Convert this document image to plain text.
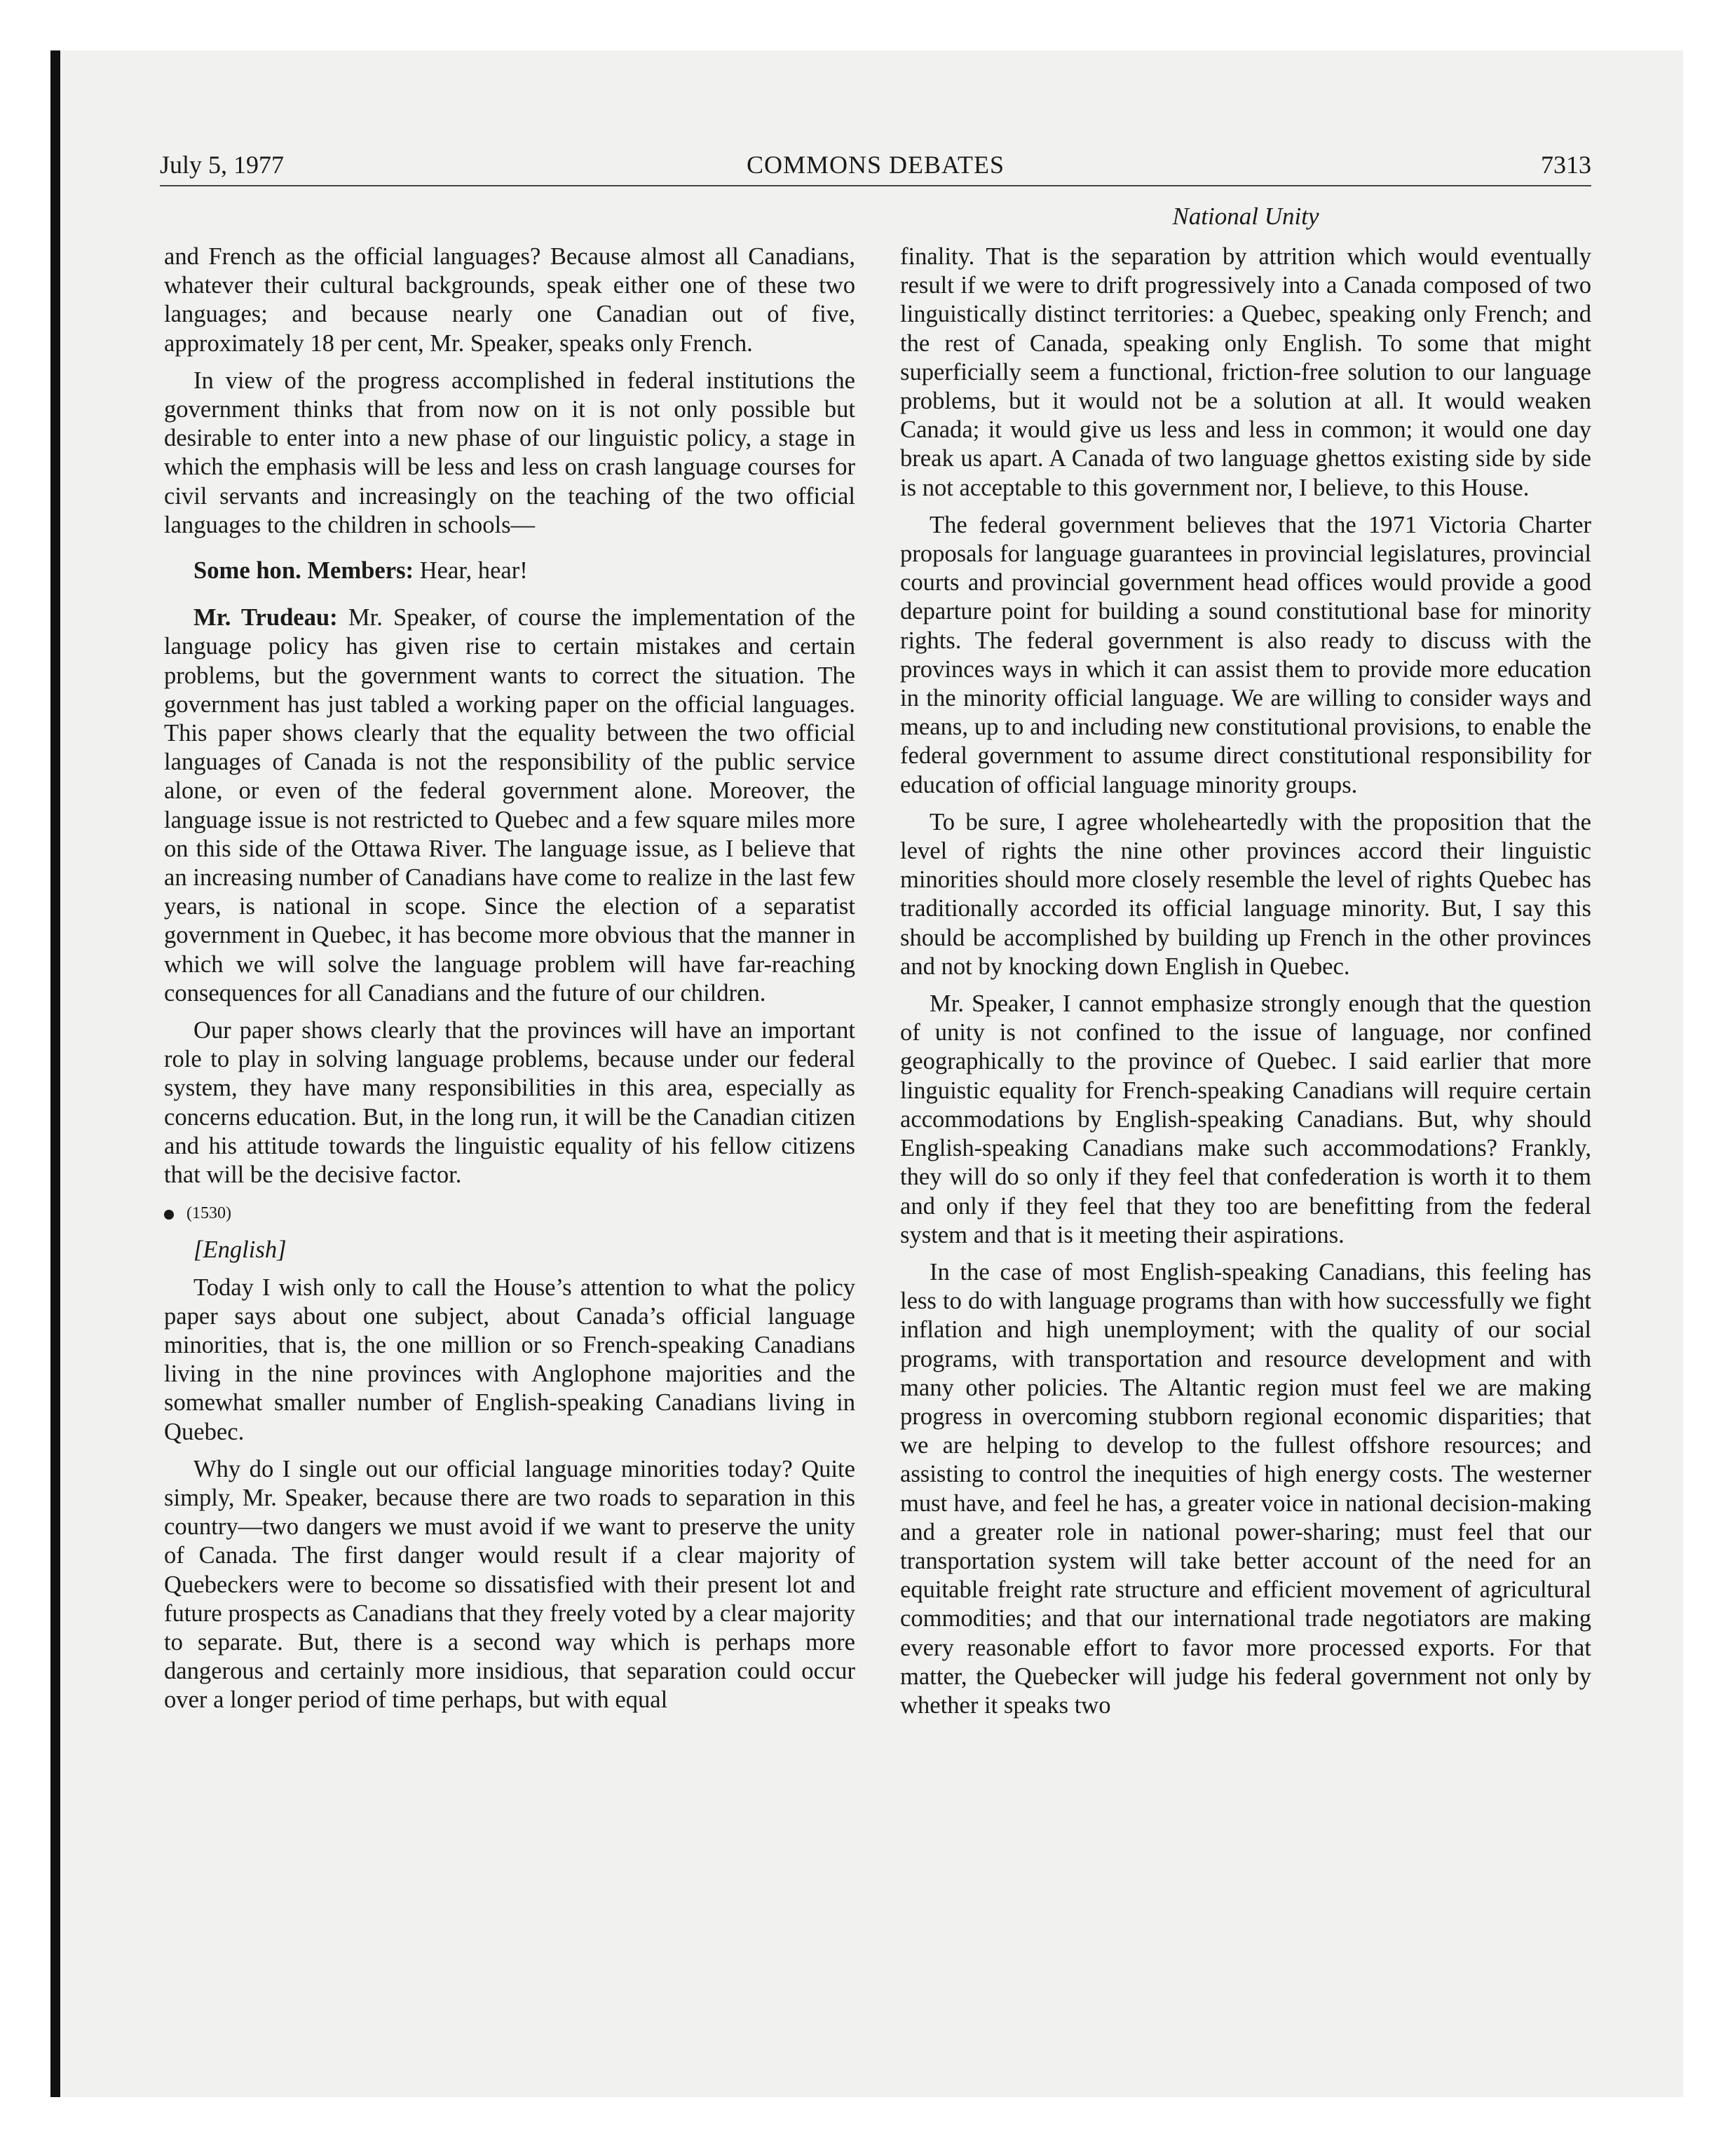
July 5, 1977	COMMONS DEBATES	7313
National Unity

and French as the official languages? Because almost all Canadians, whatever their cultural backgrounds, speak either one of these two languages; and because nearly one Canadian out of five, approximately 18 per cent, Mr. Speaker, speaks only French.

In view of the progress accomplished in federal institutions the government thinks that from now on it is not only possible but desirable to enter into a new phase of our linguistic policy, a stage in which the emphasis will be less and less on crash language courses for civil servants and increasingly on the teaching of the two official languages to the children in schools—

Some hon. Members: Hear, hear!

Mr. Trudeau: Mr. Speaker, of course the implementation of the language policy has given rise to certain mistakes and certain problems, but the government wants to correct the situation. The government has just tabled a working paper on the official languages. This paper shows clearly that the equality between the two official languages of Canada is not the responsibility of the public service alone, or even of the federal government alone. Moreover, the language issue is not restricted to Quebec and a few square miles more on this side of the Ottawa River. The language issue, as I believe that an increasing number of Canadians have come to realize in the last few years, is national in scope. Since the election of a separatist government in Quebec, it has become more obvious that the manner in which we will solve the language problem will have far-reaching consequences for all Canadians and the future of our children.

Our paper shows clearly that the provinces will have an important role to play in solving language problems, because under our federal system, they have many responsibilities in this area, especially as concerns education. But, in the long run, it will be the Canadian citizen and his attitude towards the linguistic equality of his fellow citizens that will be the decisive factor.

(1530)

[English]

Today I wish only to call the House’s attention to what the policy paper says about one subject, about Canada’s official language minorities, that is, the one million or so French-speaking Canadians living in the nine provinces with Anglophone majorities and the somewhat smaller number of English-speaking Canadians living in Quebec.

Why do I single out our official language minorities today? Quite simply, Mr. Speaker, because there are two roads to separation in this country—two dangers we must avoid if we want to preserve the unity of Canada. The first danger would result if a clear majority of Quebeckers were to become so dissatisfied with their present lot and future prospects as Canadians that they freely voted by a clear majority to separate. But, there is a second way which is perhaps more dangerous and certainly more insidious, that separation could occur over a longer period of time perhaps, but with equal

finality. That is the separation by attrition which would eventually result if we were to drift progressively into a Canada composed of two linguistically distinct territories: a Quebec, speaking only French; and the rest of Canada, speaking only English. To some that might superficially seem a functional, friction-free solution to our language problems, but it would not be a solution at all. It would weaken Canada; it would give us less and less in common; it would one day break us apart. A Canada of two language ghettos existing side by side is not acceptable to this government nor, I believe, to this House.

The federal government believes that the 1971 Victoria Charter proposals for language guarantees in provincial legislatures, provincial courts and provincial government head offices would provide a good departure point for building a sound constitutional base for minority rights. The federal government is also ready to discuss with the provinces ways in which it can assist them to provide more education in the minority official language. We are willing to consider ways and means, up to and including new constitutional provisions, to enable the federal government to assume direct constitutional responsibility for education of official language minority groups.

To be sure, I agree wholeheartedly with the proposition that the level of rights the nine other provinces accord their linguistic minorities should more closely resemble the level of rights Quebec has traditionally accorded its official language minority. But, I say this should be accomplished by building up French in the other provinces and not by knocking down English in Quebec.

Mr. Speaker, I cannot emphasize strongly enough that the question of unity is not confined to the issue of language, nor confined geographically to the province of Quebec. I said earlier that more linguistic equality for French-speaking Canadians will require certain accommodations by English-speaking Canadians. But, why should English-speaking Canadians make such accommodations? Frankly, they will do so only if they feel that confederation is worth it to them and only if they feel that they too are benefitting from the federal system and that is it meeting their aspirations.

In the case of most English-speaking Canadians, this feeling has less to do with language programs than with how successfully we fight inflation and high unemployment; with the quality of our social programs, with transportation and resource development and with many other policies. The Altantic region must feel we are making progress in overcoming stubborn regional economic disparities; that we are helping to develop to the fullest offshore resources; and assisting to control the inequities of high energy costs. The westerner must have, and feel he has, a greater voice in national decision-making and a greater role in national power-sharing; must feel that our transportation system will take better account of the need for an equitable freight rate structure and efficient movement of agricultural commodities; and that our international trade negotiators are making every reasonable effort to favor more processed exports. For that matter, the Quebecker will judge his federal government not only by whether it speaks two
